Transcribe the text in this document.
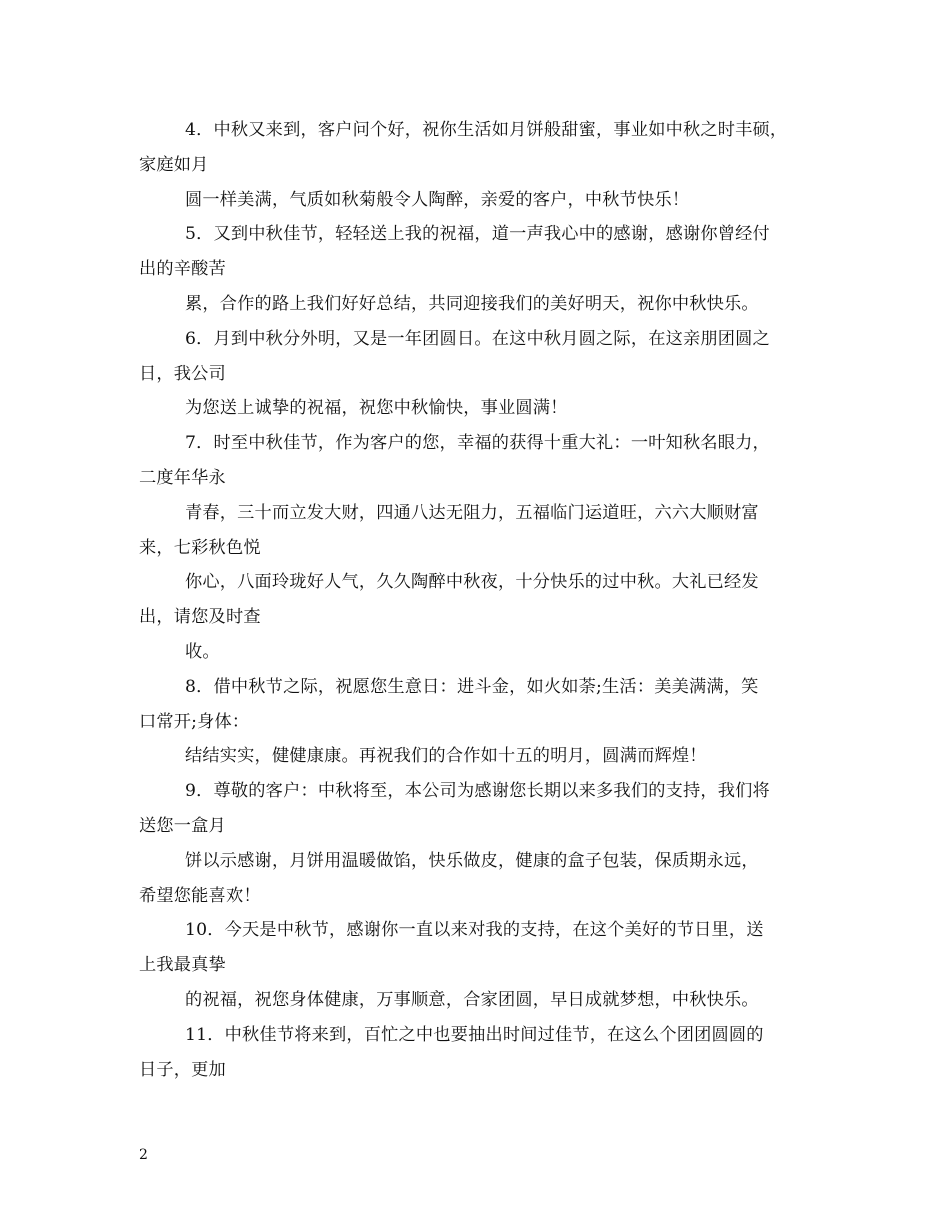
4．中秋又来到，客户问个好，祝你生活如月饼般甜蜜，事业如中秋之时丰硕，
家庭如月
圆一样美满，气质如秋菊般令人陶醉，亲爱的客户，中秋节快乐！
5．又到中秋佳节，轻轻送上我的祝福，道一声我心中的感谢，感谢你曾经付
出的辛酸苦
累，合作的路上我们好好总结，共同迎接我们的美好明天，祝你中秋快乐。
6．月到中秋分外明，又是一年团圆日。在这中秋月圆之际，在这亲朋团圆之
日，我公司
为您送上诚挚的祝福，祝您中秋愉快，事业圆满！
7．时至中秋佳节，作为客户的您，幸福的获得十重大礼：一叶知秋名眼力，
二度年华永
青春，三十而立发大财，四通八达无阻力，五福临门运道旺，六六大顺财富
来，七彩秋色悦
你心，八面玲珑好人气，久久陶醉中秋夜，十分快乐的过中秋。大礼已经发
出，请您及时查
收。
8．借中秋节之际，祝愿您生意日：进斗金，如火如荼;生活：美美满满，笑
口常开;身体：
结结实实，健健康康。再祝我们的合作如十五的明月，圆满而辉煌！
9．尊敬的客户：中秋将至，本公司为感谢您长期以来多我们的支持，我们将
送您一盒月
饼以示感谢，月饼用温暖做馅，快乐做皮，健康的盒子包装，保质期永远，
希望您能喜欢！
10．今天是中秋节，感谢你一直以来对我的支持，在这个美好的节日里，送
上我最真挚
的祝福，祝您身体健康，万事顺意，合家团圆，早日成就梦想，中秋快乐。
11．中秋佳节将来到，百忙之中也要抽出时间过佳节，在这么个团团圆圆的
日子，更加
2
